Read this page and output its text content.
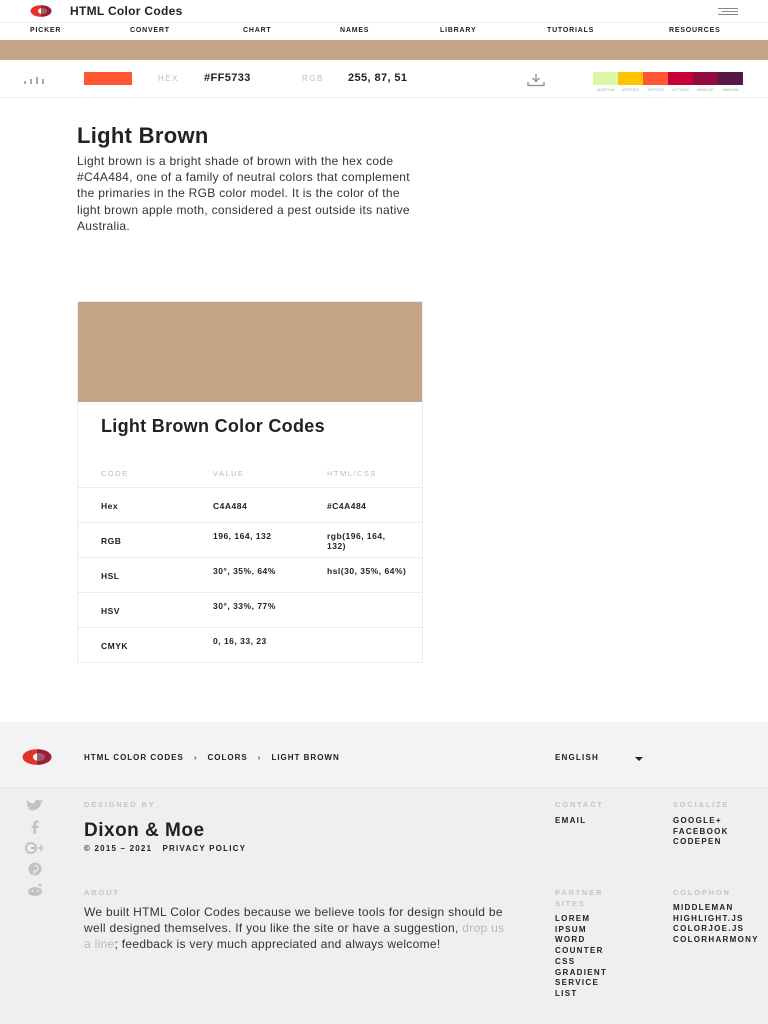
HTML Color Codes
PICKER	CONVERT	CHART	NAMES	LIBRARY	TUTORIALS	RESOURCES
HEX #FF5733	RGB 255, 87, 51
#DAF7A6	#FFC300	#FF5733	#C70039	#900C3F	#581845
Light Brown

Light brown is a bright shade of brown with the hex code #C4A484, one of a family of neutral colors that complement the primaries in the RGB color model. It is the color of the light brown apple moth, considered a pest outside its native Australia.

Light Brown Color Codes
CODE	VALUE	HTML/CSS
Hex	C4A484	#C4A484
RGB	196, 164, 132	rgb(196, 164, 132)
HSL	30°, 35%, 64%	hsl(30, 35%, 64%)
HSV	30°, 33%, 77%
CMYK	0, 16, 33, 23
HTML COLOR CODES › COLORS › LIGHT BROWN	ENGLISH
DESIGNED BY
Dixon & Moe
© 2015 – 2021 PRIVACY POLICY
ABOUT

We built HTML Color Codes because we believe tools for design should be well designed themselves. If you like the site or have a suggestion, drop us a line; feedback is very much appreciated and always welcome!

CONTACT
EMAIL
SOCIALIZE
GOOGLE+
FACEBOOK
CODEPEN
PARTNER
SITES
LOREM
IPSUM
WORD
COUNTER
CSS
GRADIENT
SERVICE
LIST
COLOPHON
MIDDLEMAN
HIGHLIGHT.JS
COLORJOE.JS
COLORHARMONY
